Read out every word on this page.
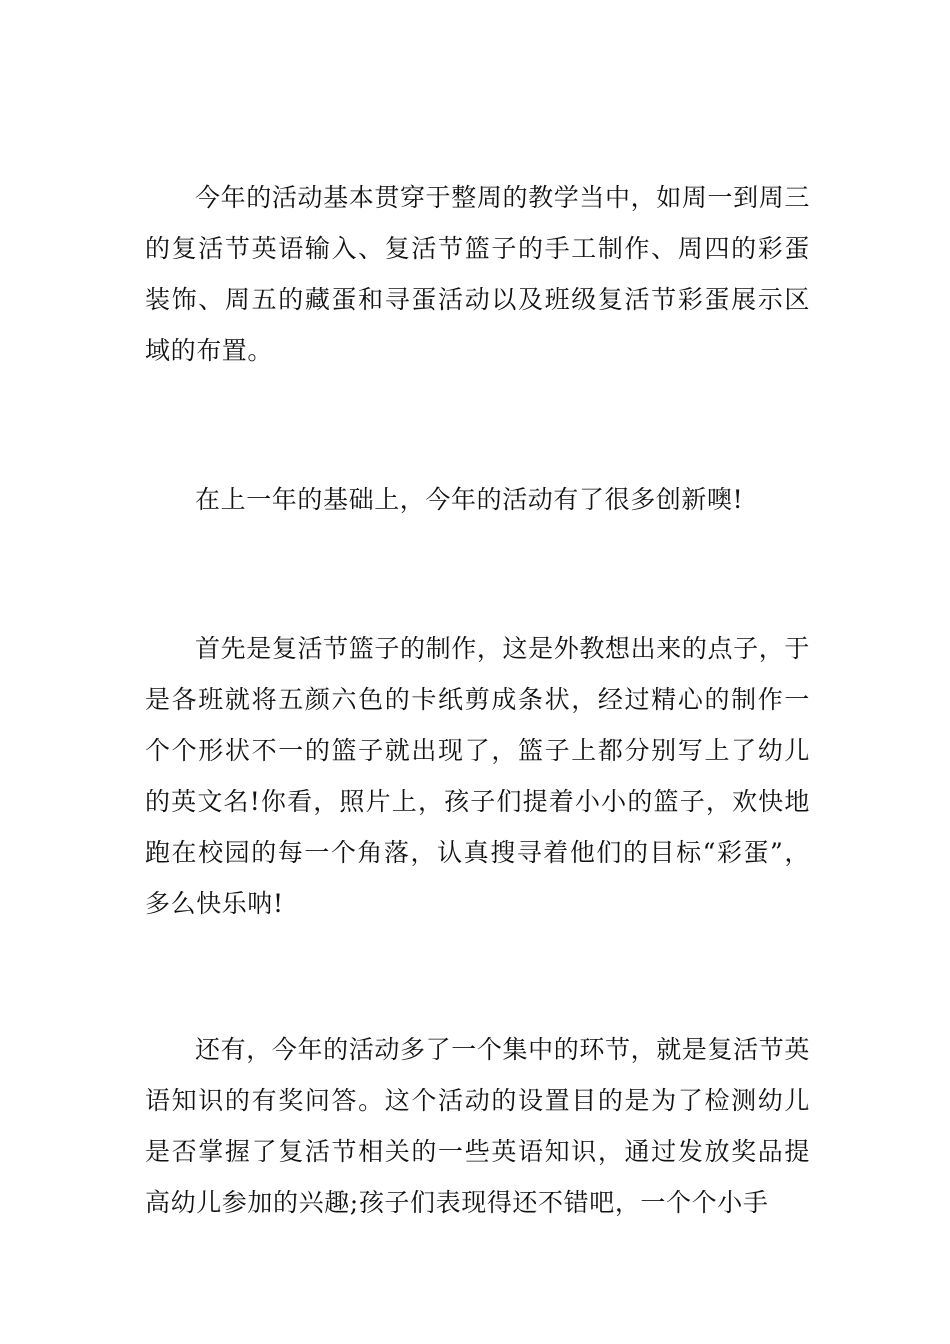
今年的活动基本贯穿于整周的教学当中，如周一到周三的复活节英语输入、复活节篮子的手工制作、周四的彩蛋装饰、周五的藏蛋和寻蛋活动以及班级复活节彩蛋展示区域的布置。

在上一年的基础上，今年的活动有了很多创新噢!

首先是复活节篮子的制作，这是外教想出来的点子，于是各班就将五颜六色的卡纸剪成条状，经过精心的制作一个个形状不一的篮子就出现了，篮子上都分别写上了幼儿的英文名!你看，照片上，孩子们提着小小的篮子，欢快地跑在校园的每一个角落，认真搜寻着他们的目标“彩蛋”，多么快乐呐!

还有，今年的活动多了一个集中的环节，就是复活节英语知识的有奖问答。这个活动的设置目的是为了检测幼儿是否掌握了复活节相关的一些英语知识，通过发放奖品提高幼儿参加的兴趣;孩子们表现得还不错吧，一个个小手
